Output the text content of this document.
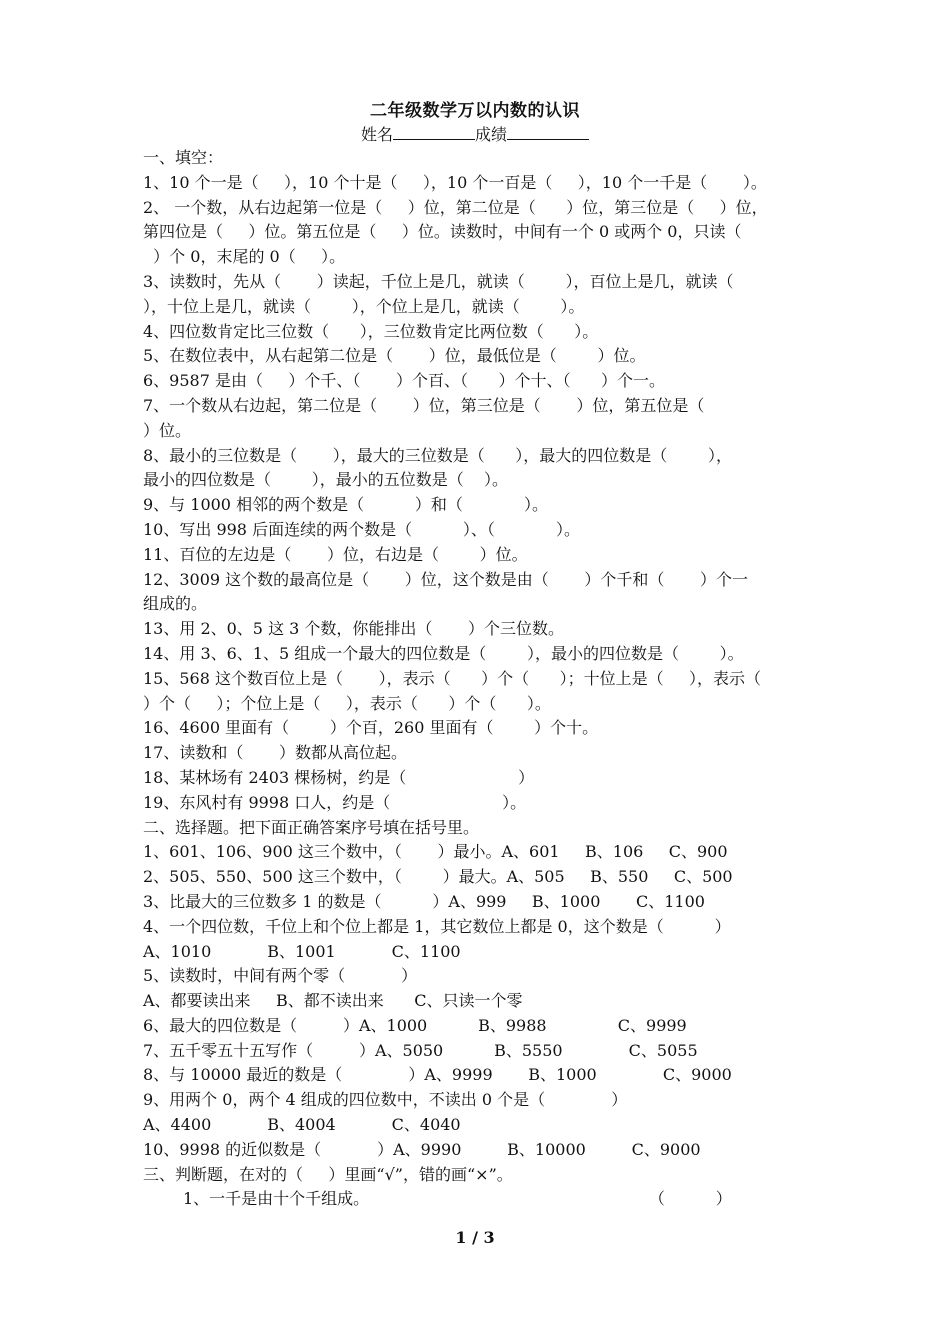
二年级数学万以内数的认识
姓名	成绩
一、填空：
1、10 个一是（     ），10 个十是（     ），10 个一百是（     ），10 个一千是（       ）。
2、 一个数，从右边起第一位是（     ）位，第二位是（      ）位，第三位是（     ）位，
第四位是（     ）位。第五位是（     ）位。读数时，中间有一个 0 或两个 0，只读（
）个 0，末尾的 0（     ）。
3、读数时，先从（       ）读起，千位上是几，就读（        ），百位上是几，就读（
），十位上是几，就读（        ），个位上是几，就读（        ）。
4、四位数肯定比三位数（      ），三位数肯定比两位数（      ）。
5、在数位表中，从右起第二位是（       ）位，最低位是（        ）位。
6、9587 是由（     ）个千、（       ）个百、（      ）个十、（      ）个一。
7、一个数从右边起，第二位是（       ）位，第三位是（       ）位，第五位是（
）位。
8、最小的三位数是（       ），最大的三位数是（      ），最大的四位数是（        ），
最小的四位数是（        ），最小的五位数是（    ）。
9、与 1000 相邻的两个数是（          ）和（            ）。
10、写出 998 后面连续的两个数是（          ）、（            ）。
11、百位的左边是（       ）位，右边是（        ）位。
12、3009 这个数的最高位是（       ）位，这个数是由（       ）个千和（       ）个一
组成的。
13、用 2、0、5 这 3 个数，你能排出（       ）个三位数。
14、用 3、6、1、5 组成一个最大的四位数是（        ），最小的四位数是（        ）。
15、568 这个数百位上是（       ），表示（      ）个（      ）；十位上是（     ），表示（
）个（     ）；个位上是（     ），表示（      ）个（      ）。
16、4600 里面有（        ）个百，260 里面有（        ）个十。
17、读数和（       ）数都从高位起。
18、某林场有 2403 棵杨树，约是（                      ）
19、东风村有 9998 口人，约是（                      ）。
二、选择题。把下面正确答案序号填在括号里。
1、601、106、900 这三个数中，（       ）最小。A、601     B、106     C、900
2、505、550、500 这三个数中，（        ）最大。A、505     B、550     C、500
3、比最大的三位数多 1 的数是（          ）A、999     B、1000       C、1100
4、一个四位数，千位上和个位上都是 1，其它数位上都是 0，这个数是（          ）
A、1010           B、1001           C、1100
5、读数时，中间有两个零（           ）
A、都要读出来     B、都不读出来      C、只读一个零
6、最大的四位数是（         ）A、1000          B、9988              C、9999
7、五千零五十五写作（         ）A、5050          B、5550             C、5055
8、与 10000 最近的数是（             ）A、9999       B、1000             C、9000
9、用两个 0，两个 4 组成的四位数中，不读出 0 个是（             ）
A、4400           B、4004           C、4040
10、9998 的近似数是（           ）A、9990         B、10000         C、9000
三、判断题，在对的（     ）里画“√”，错的画“×”。
1、一千是由十个千组成。                                                       （          ）
1 / 3
